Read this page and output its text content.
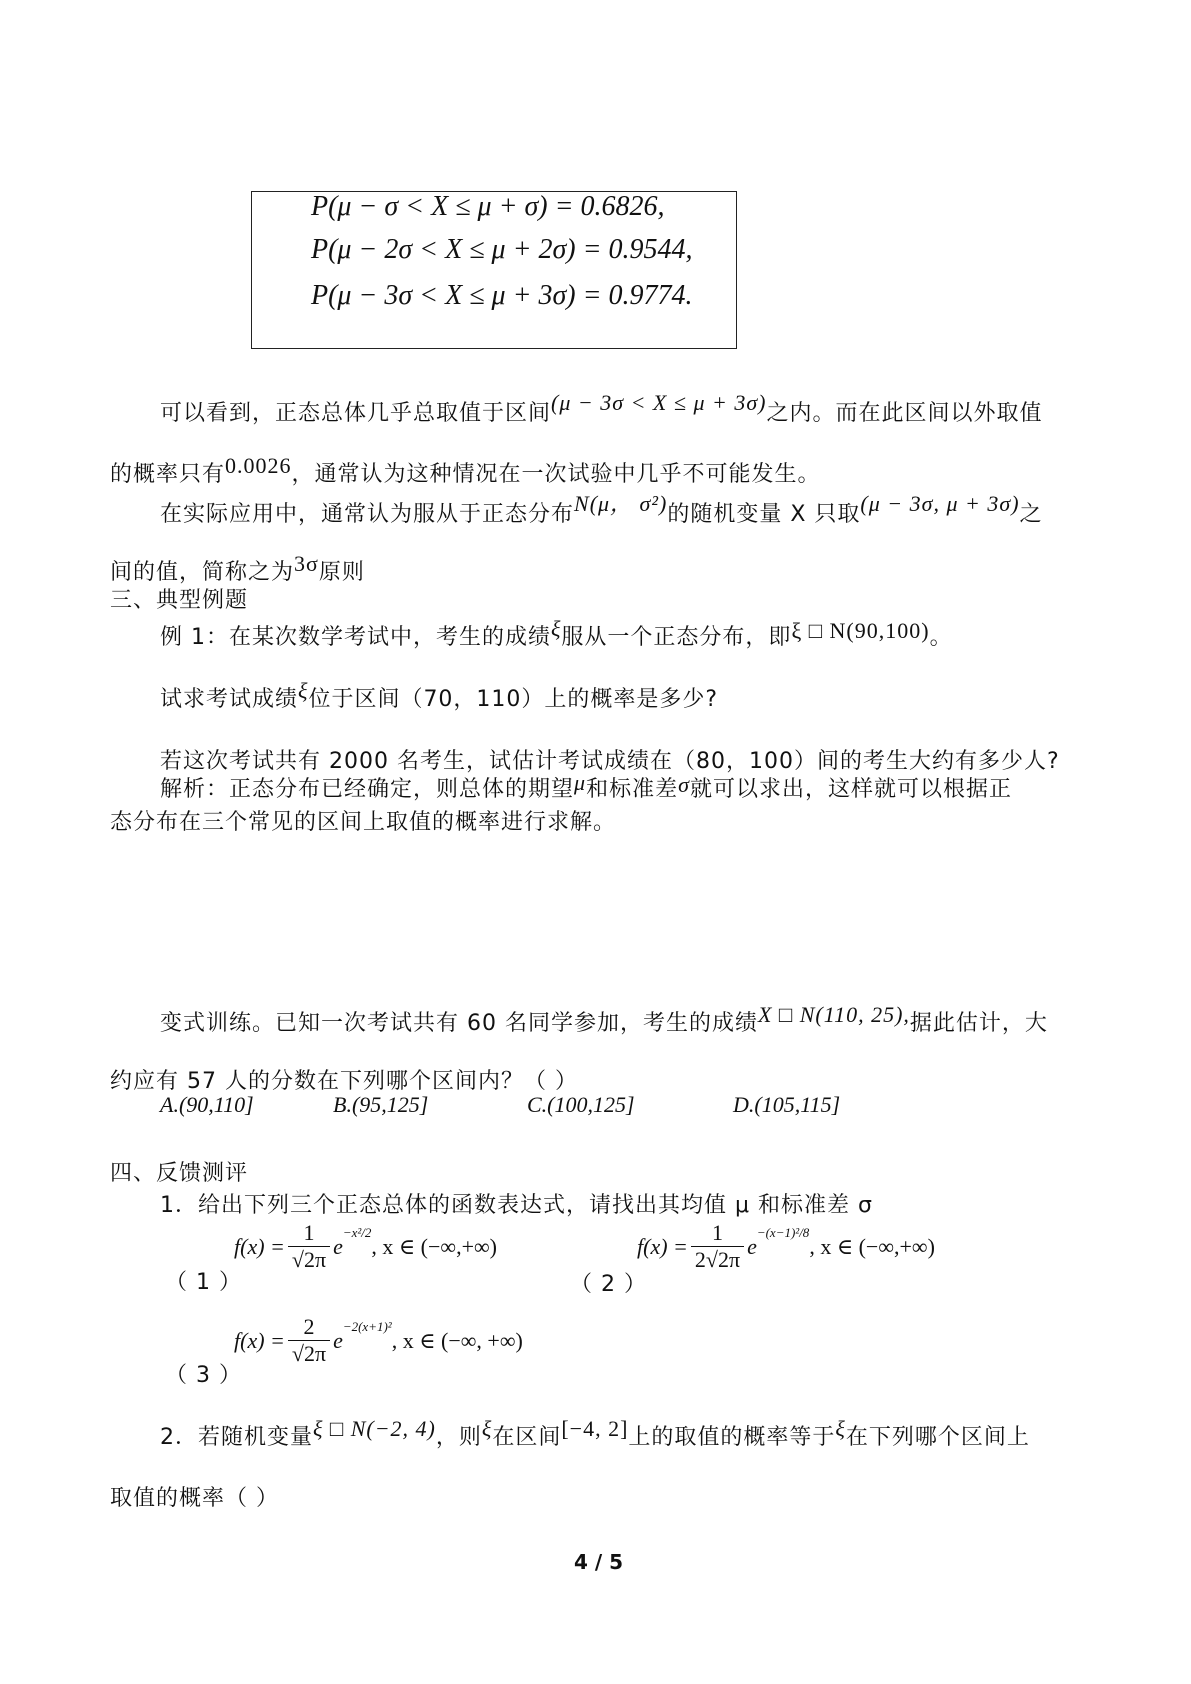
P(μ − σ < X ≤ μ + σ) = 0.6826,
P(μ − 2σ < X ≤ μ + 2σ) = 0.9544,
P(μ − 3σ < X ≤ μ + 3σ) = 0.9774.
可以看到，正态总体几乎总取值于区间(μ − 3σ < X ≤ μ + 3σ)之内。而在此区间以外取值
的概率只有0.0026，通常认为这种情况在一次试验中几乎不可能发生。
在实际应用中，通常认为服从于正态分布N(μ， σ²)的随机变量 X 只取(μ − 3σ, μ + 3σ)之
间的值，简称之为3σ原则
三、典型例题
例 1：在某次数学考试中，考生的成绩ξ服从一个正态分布，即ξ □ N(90,100)。
试求考试成绩ξ位于区间（70，110）上的概率是多少?
若这次考试共有 2000 名考生，试估计考试成绩在（80，100）间的考生大约有多少人?
解析：正态分布已经确定，则总体的期望μ和标准差σ就可以求出，这样就可以根据正
态分布在三个常见的区间上取值的概率进行求解。
变式训练。已知一次考试共有 60 名同学参加，考生的成绩X □ N(110, 25),据此估计，大
约应有 57 人的分数在下列哪个区间内？（ ）
A.(90,110]	B.(95,125]	C.(100,125]	D.(105,115]
四、反馈测评
1．给出下列三个正态总体的函数表达式，请找出其均值 μ 和标准差 σ
（ 1 ）
$f(x) = \frac{1}{√2\pi}$ e
−x²/2
, x ∈ (−∞,+∞)
（ 2 ）
$f(x) = \frac{1}{2√2\pi}$ e
−(x−1)²/8
, x ∈ (−∞,+∞)
（ 3 ）
$f(x) = \frac{2}{√2\pi}$ e
−2(x+1)²
, x ∈ (−∞, +∞)
2．若随机变量ξ □ N(−2, 4)，则ξ在区间[−4, 2]上的取值的概率等于ξ在下列哪个区间上
取值的概率（ ）
4 / 5
